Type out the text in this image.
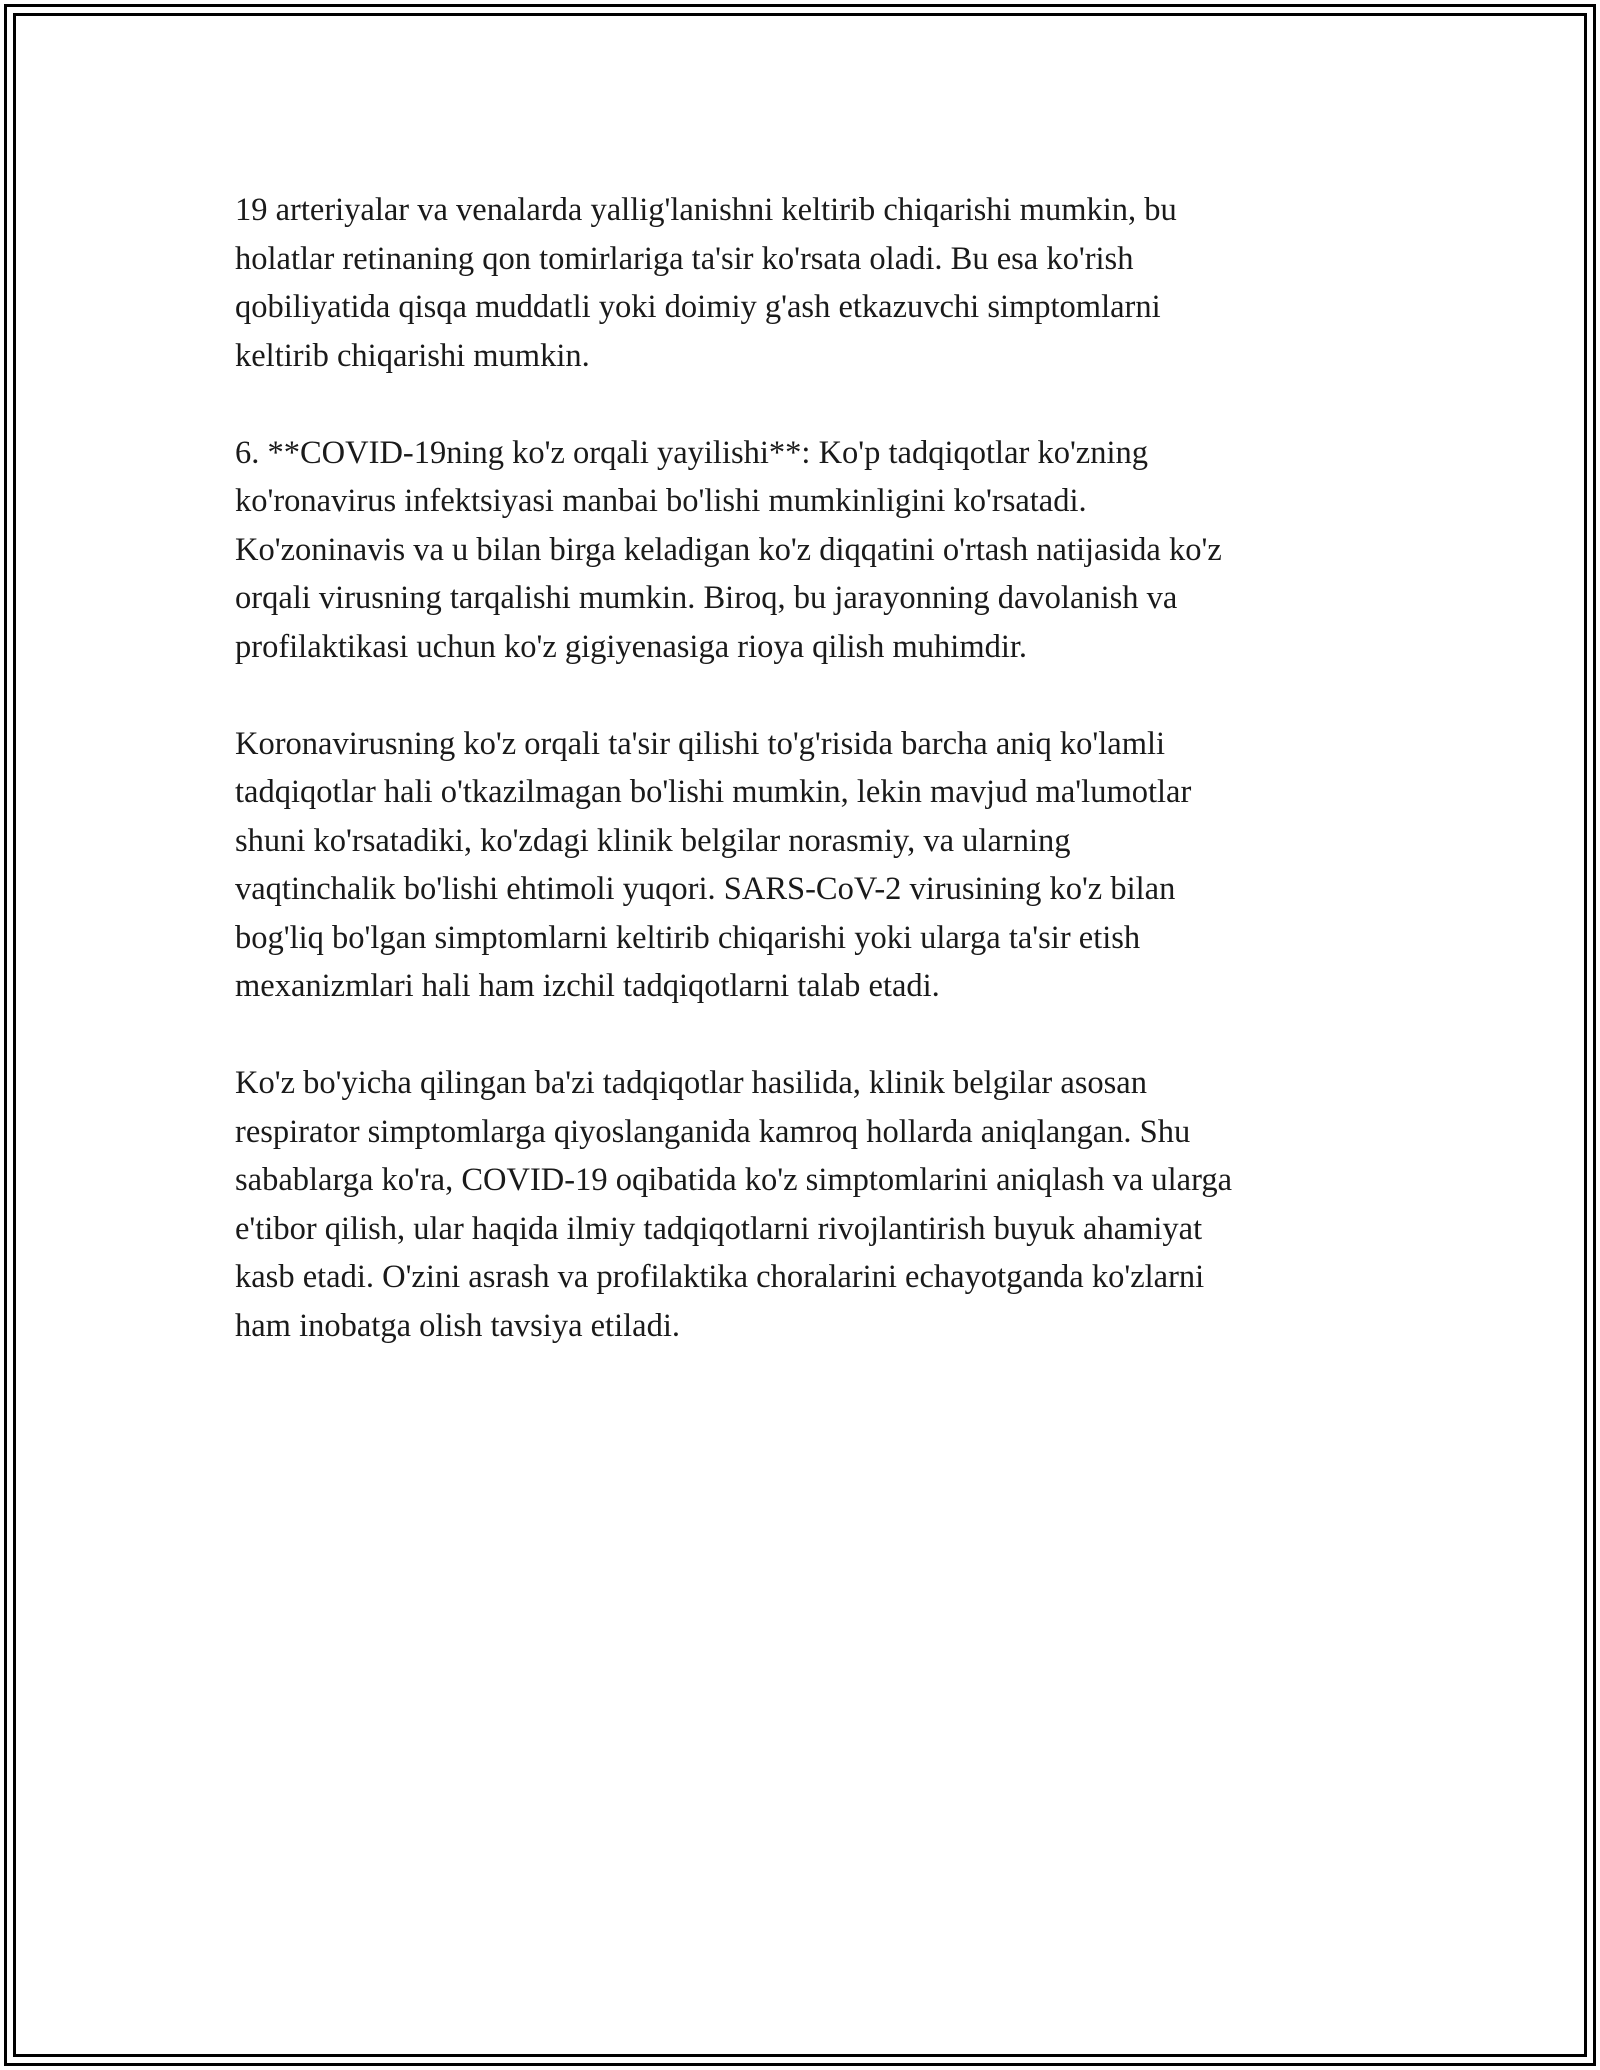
19 arteriyalar va venalarda yallig'lanishni keltirib chiqarishi mumkin, bu
holatlar retinaning qon tomirlariga ta'sir ko'rsata oladi. Bu esa ko'rish
qobiliyatida qisqa muddatli yoki doimiy g'ash etkazuvchi simptomlarni
keltirib chiqarishi mumkin.

6. **COVID-19ning ko'z orqali yayilishi**: Ko'p tadqiqotlar ko'zning
ko'ronavirus infektsiyasi manbai bo'lishi mumkinligini ko'rsatadi.
Ko'zoninavis va u bilan birga keladigan ko'z diqqatini o'rtash natijasida ko'z
orqali virusning tarqalishi mumkin. Biroq, bu jarayonning davolanish va
profilaktikasi uchun ko'z gigiyenasiga rioya qilish muhimdir.

Koronavirusning ko'z orqali ta'sir qilishi to'g'risida barcha aniq ko'lamli
tadqiqotlar hali o'tkazilmagan bo'lishi mumkin, lekin mavjud ma'lumotlar
shuni ko'rsatadiki, ko'zdagi klinik belgilar norasmiy, va ularning
vaqtinchalik bo'lishi ehtimoli yuqori. SARS-CoV-2 virusining ko'z bilan
bog'liq bo'lgan simptomlarni keltirib chiqarishi yoki ularga ta'sir etish
mexanizmlari hali ham izchil tadqiqotlarni talab etadi.

Ko'z bo'yicha qilingan ba'zi tadqiqotlar hasilida, klinik belgilar asosan
respirator simptomlarga qiyoslanganida kamroq hollarda aniqlangan. Shu
sabablarga ko'ra, COVID-19 oqibatida ko'z simptomlarini aniqlash va ularga
e'tibor qilish, ular haqida ilmiy tadqiqotlarni rivojlantirish buyuk ahamiyat
kasb etadi. O'zini asrash va profilaktika choralarini echayotganda ko'zlarni
ham inobatga olish tavsiya etiladi.
